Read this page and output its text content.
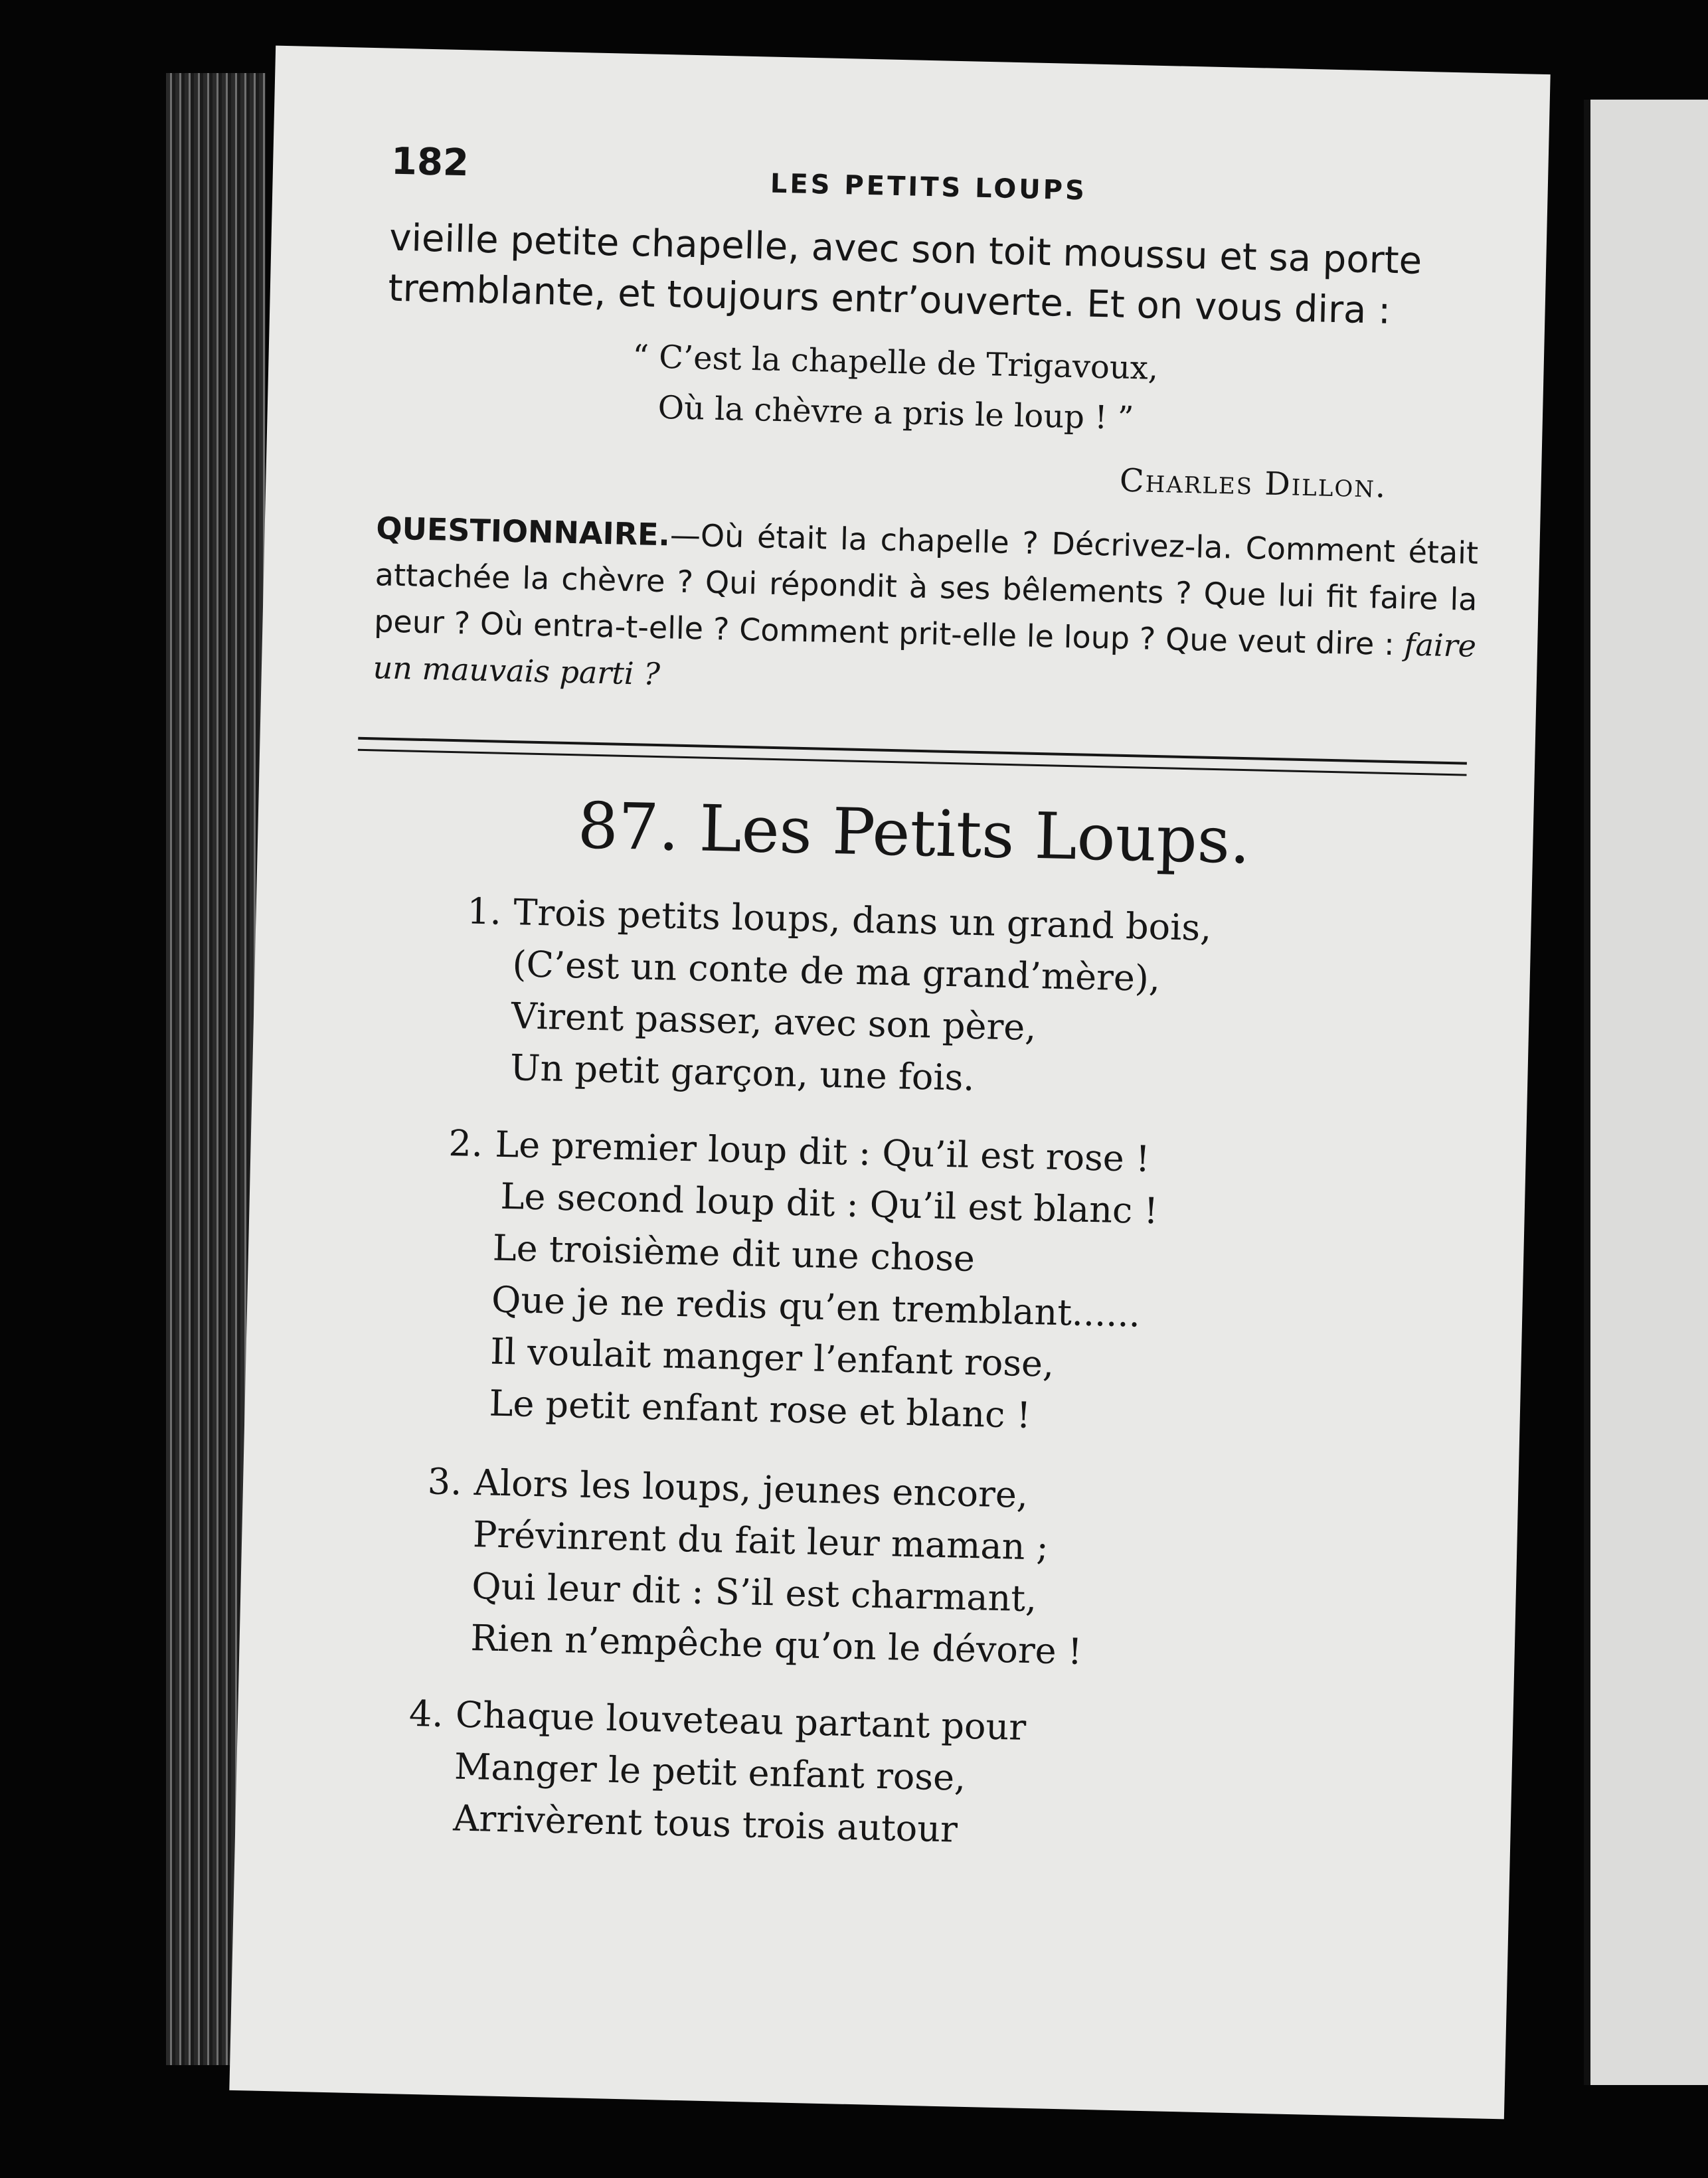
182
LES PETITS LOUPS
vieille petite chapelle, avec son toit moussu et sa porte
tremblante, et toujours entr’ouverte. Et on vous dira :
“ C’est la chapelle de Trigavoux,
Où la chèvre a pris le loup ! ”
Charles Dillon.
QUESTIONNAIRE.—Où était la chapelle ? Décrivez-la. Comment était attachée la chèvre ? Qui répondit à ses bêlements ? Que lui fit faire la peur ? Où entra-t-elle ? Comment prit-elle le loup ? Que veut dire : faire un mauvais parti ?
87. Les Petits Loups.
1. Trois petits loups, dans un grand bois,
(C’est un conte de ma grand’mère),
Virent passer, avec son père,
Un petit garçon, une fois.
2. Le premier loup dit : Qu’il est rose !
Le second loup dit : Qu’il est blanc !
Le troisième dit une chose
Que je ne redis qu’en tremblant......
Il voulait manger l’enfant rose,
Le petit enfant rose et blanc !
3. Alors les loups, jeunes encore,
Prévinrent du fait leur maman ;
Qui leur dit : S’il est charmant,
Rien n’empêche qu’on le dévore !
4. Chaque louveteau partant pour
Manger le petit enfant rose,
Arrivèrent tous trois autour
